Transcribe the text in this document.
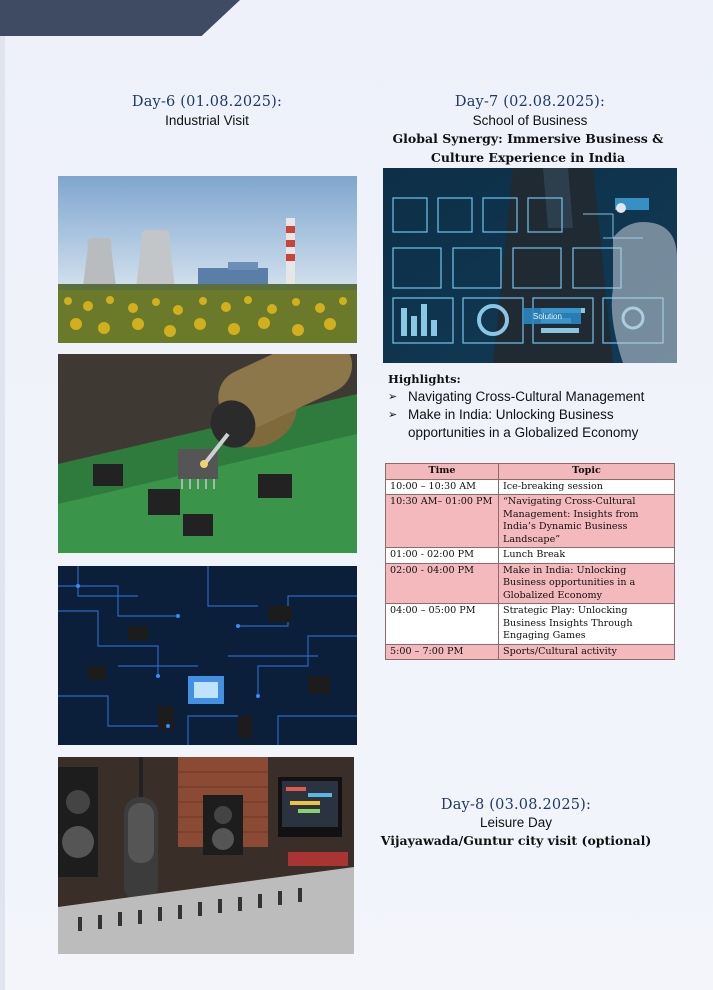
Day-6 (01.08.2025):
Industrial Visit
Day-7 (02.08.2025):
School of Business
Global Synergy: Immersive Business &
Culture Experience in India
Solution
Highlights:
➢ Navigating Cross-Cultural Management
➢ Make in India: Unlocking Business opportunities in a Globalized Economy
Time	Topic
10:00 – 10:30 AM	Ice-breaking session
10:30 AM– 01:00 PM	“Navigating Cross-Cultural Management: Insights from India’s Dynamic Business Landscape”
01:00 - 02:00 PM	Lunch Break
02:00 - 04:00 PM	Make in India: Unlocking Business opportunities in a Globalized Economy
04:00 – 05:00 PM	Strategic Play: Unlocking Business Insights Through Engaging Games
5:00 – 7:00 PM	Sports/Cultural activity
Day-8 (03.08.2025):
Leisure Day
Vijayawada/Guntur city visit (optional)
